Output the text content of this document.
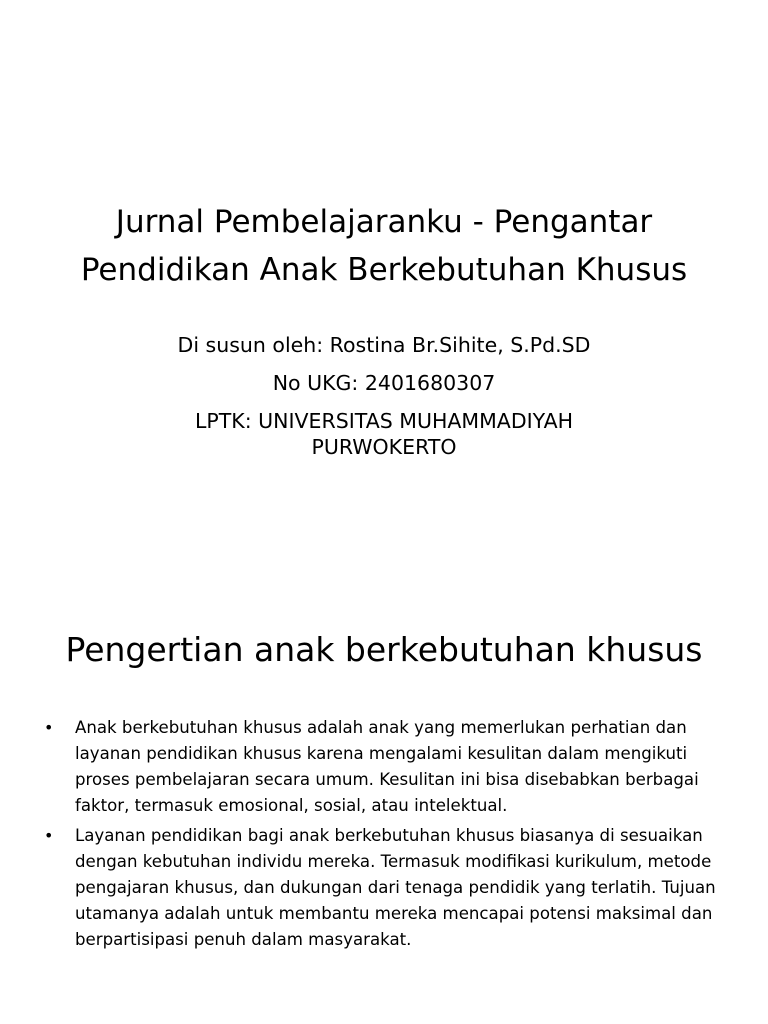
Jurnal Pembelajaranku - Pengantar Pendidikan Anak Berkebutuhan Khusus
Di susun oleh: Rostina Br.Sihite, S.Pd.SD
No UKG: 2401680307
LPTK: UNIVERSITAS MUHAMMADIYAH
PURWOKERTO
Pengertian anak berkebutuhan khusus
• Anak berkebutuhan khusus adalah anak yang memerlukan perhatian dan layanan pendidikan khusus karena mengalami kesulitan dalam mengikuti proses pembelajaran secara umum. Kesulitan ini bisa disebabkan berbagai faktor, termasuk emosional, sosial, atau intelektual.
• Layanan pendidikan bagi anak berkebutuhan khusus biasanya di sesuaikan dengan kebutuhan individu mereka. Termasuk modifikasi kurikulum, metode pengajaran khusus, dan dukungan dari tenaga pendidik yang terlatih. Tujuan utamanya adalah untuk membantu mereka mencapai potensi maksimal dan berpartisipasi penuh dalam masyarakat.
